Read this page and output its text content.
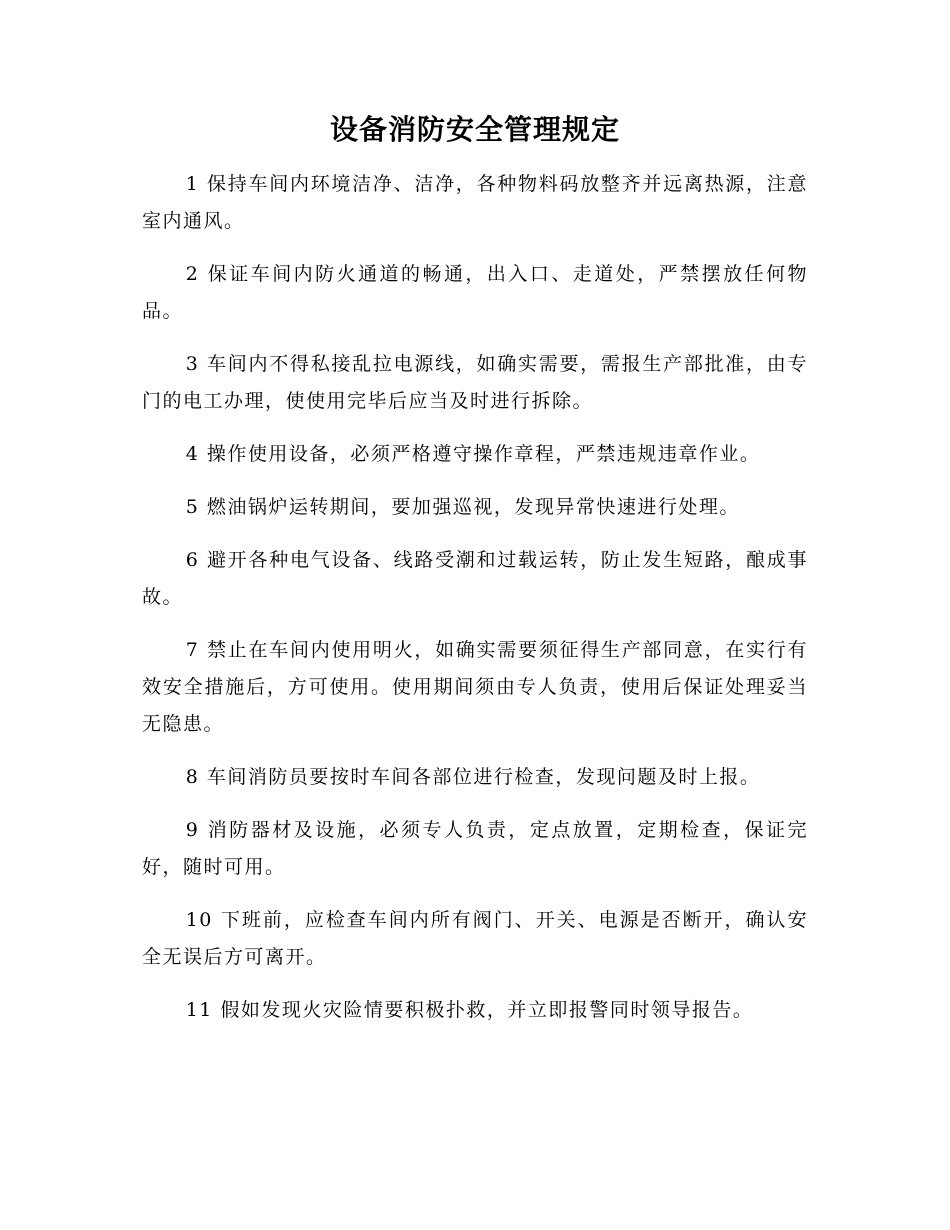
设备消防安全管理规定

1 保持车间内环境洁净、洁净，各种物料码放整齐并远离热源，注意室内通风。

2 保证车间内防火通道的畅通，出入口、走道处，严禁摆放任何物品。

3 车间内不得私接乱拉电源线，如确实需要，需报生产部批准，由专门的电工办理，使使用完毕后应当及时进行拆除。

4 操作使用设备，必须严格遵守操作章程，严禁违规违章作业。

5 燃油锅炉运转期间，要加强巡视，发现异常快速进行处理。

6 避开各种电气设备、线路受潮和过载运转，防止发生短路，酿成事故。

7 禁止在车间内使用明火，如确实需要须征得生产部同意，在实行有效安全措施后，方可使用。使用期间须由专人负责，使用后保证处理妥当无隐患。

8 车间消防员要按时车间各部位进行检查，发现问题及时上报。

9 消防器材及设施，必须专人负责，定点放置，定期检查，保证完好，随时可用。

10 下班前，应检查车间内所有阀门、开关、电源是否断开，确认安全无误后方可离开。

11 假如发现火灾险情要积极扑救，并立即报警同时领导报告。
